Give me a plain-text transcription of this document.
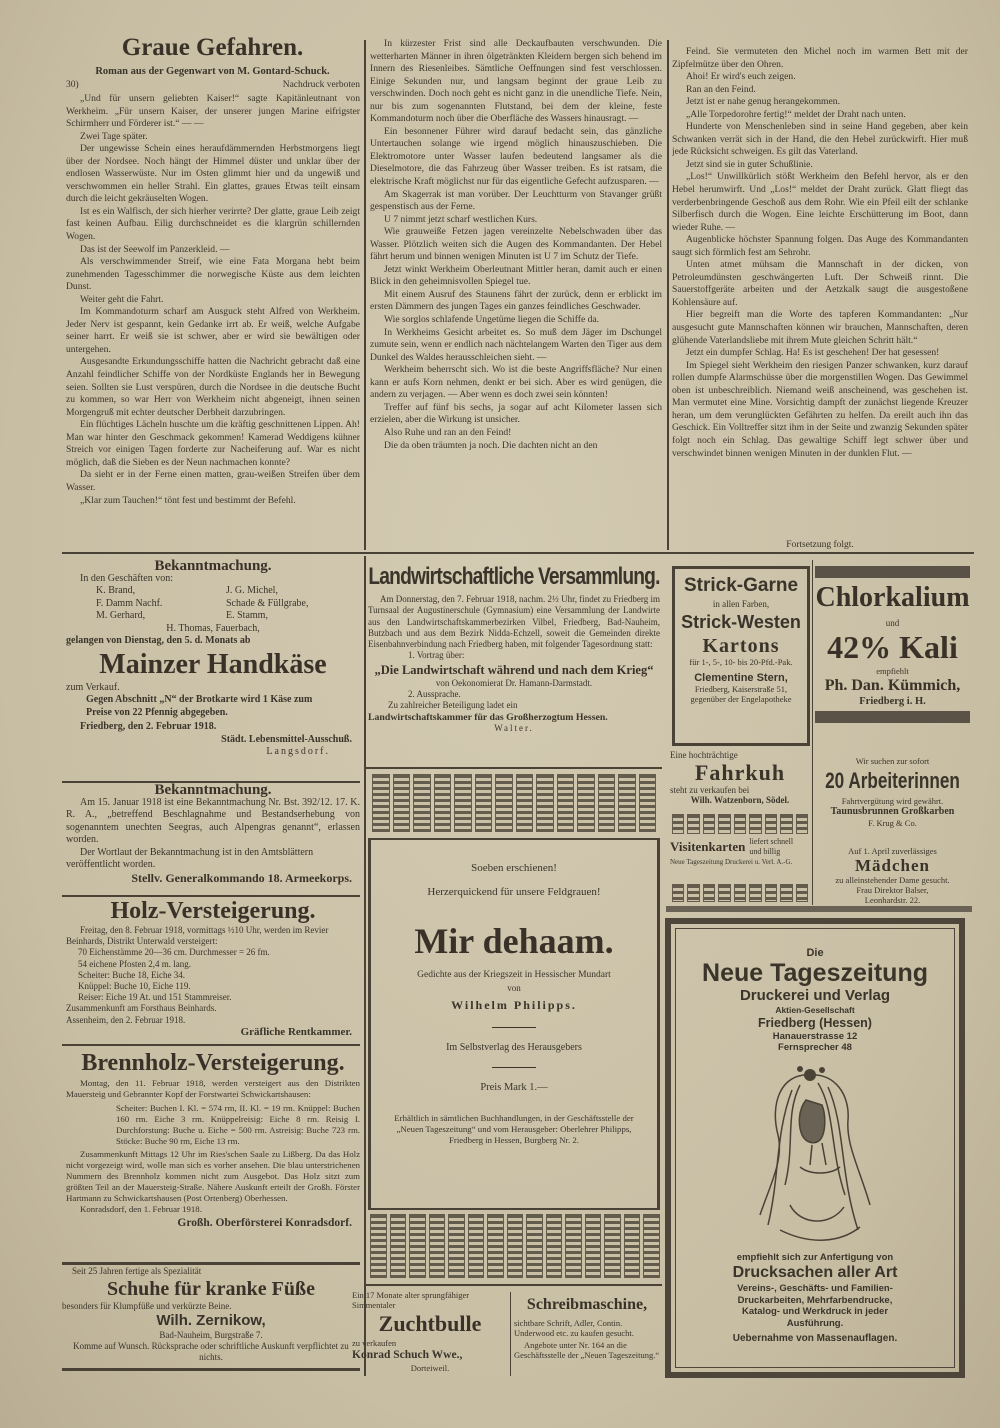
Graue Gefahren.
Roman aus der Gegenwart von M. Gontard-Schuck.
30)	Nachdruck verboten

„Und für unsern geliebten Kaiser!“ sagte Kapitänleutnant von Werkheim. „Für unsern Kaiser, der unserer jungen Marine eifrigster Schirmherr und Förderer ist.“ — —

Zwei Tage später.

Der ungewisse Schein eines heraufdämmernden Herbstmorgens liegt über der Nordsee. Noch hängt der Himmel düster und unklar über der endlosen Wasserwüste. Nur im Osten glimmt hier und da ungewiß und verschwommen ein heller Strahl. Ein glattes, graues Etwas teilt einsam durch die leicht gekräuselten Wogen.

Ist es ein Walfisch, der sich hierher verirrte? Der glatte, graue Leib zeigt fast keinen Aufbau. Eilig durchschneidet es die klargrün schillernden Wogen.

Das ist der Seewolf im Panzerkleid. —

Als verschwimmender Streif, wie eine Fata Morgana hebt beim zunehmenden Tagesschimmer die norwegische Küste aus dem leichten Dunst.

Weiter geht die Fahrt.

Im Kommandoturm scharf am Ausguck steht Alfred von Werkheim. Jeder Nerv ist gespannt, kein Gedanke irrt ab. Er weiß, welche Aufgabe seiner harrt. Er weiß sie ist schwer, aber er wird sie bewältigen oder untergehen.

Ausgesandte Erkundungsschiffe hatten die Nachricht gebracht daß eine Anzahl feindlicher Schiffe von der Nordküste Englands her in Bewegung seien. Sollten sie Lust verspüren, durch die Nordsee in die deutsche Bucht zu kommen, so war Herr von Werkheim nicht abgeneigt, ihnen seinen Morgengruß mit echter deutscher Derbheit darzubringen.

Ein flüchtiges Lächeln huschte um die kräftig geschnittenen Lippen. Ah! Man war hinter den Geschmack gekommen! Kamerad Weddigens kühner Streich vor einigen Tagen forderte zur Nacheiferung auf. War es nicht möglich, daß die Sieben es der Neun nachmachen konnte?

Da sieht er in der Ferne einen matten, grau-weißen Streifen über dem Wasser.

„Klar zum Tauchen!“ tönt fest und bestimmt der Befehl.

In kürzester Frist sind alle Deckaufbauten verschwunden. Die wetterharten Männer in ihren ölgetränkten Kleidern bergen sich behend im Innern des Riesenleibes. Sämtliche Oeffnungen sind fest verschlossen. Einige Sekunden nur, und langsam beginnt der graue Leib zu verschwinden. Doch noch geht es nicht ganz in die unendliche Tiefe. Nein, nur bis zum sogenannten Flutstand, bei dem der kleine, feste Kommandoturm noch über die Oberfläche des Wassers hinausragt. —

Ein besonnener Führer wird darauf bedacht sein, das gänzliche Untertauchen solange wie irgend möglich hinauszuschieben. Die Elektromotore unter Wasser laufen bedeutend langsamer als die Dieselmotore, die das Fahrzeug über Wasser treiben. Es ist ratsam, die elektrische Kraft möglichst nur für das eigentliche Gefecht aufzusparen. —

Am Skagerrak ist man vorüber. Der Leuchtturm von Stavanger grüßt gespenstisch aus der Ferne.

U 7 nimmt jetzt scharf westlichen Kurs.

Wie grauweiße Fetzen jagen vereinzelte Nebelschwaden über das Wasser. Plötzlich weiten sich die Augen des Kommandanten. Der Hebel fährt herum und binnen wenigen Minuten ist U 7 im Schutz der Tiefe.

Jetzt winkt Werkheim Oberleutnant Mittler heran, damit auch er einen Blick in den geheimnisvollen Spiegel tue.

Mit einem Ausruf des Staunens fährt der zurück, denn er erblickt im ersten Dämmern des jungen Tages ein ganzes feindliches Geschwader.

Wie sorglos schlafende Ungetüme liegen die Schiffe da.

In Werkheims Gesicht arbeitet es. So muß dem Jäger im Dschungel zumute sein, wenn er endlich nach nächtelangem Warten den Tiger aus dem Dunkel des Waldes herausschleichen sieht. —

Werkheim beherrscht sich. Wo ist die beste Angriffsfläche? Nur einen kann er aufs Korn nehmen, denkt er bei sich. Aber es wird genügen, die andern zu verjagen. — Aber wenn es doch zwei sein könnten!

Treffer auf fünf bis sechs, ja sogar auf acht Kilometer lassen sich erzielen, aber die Wirkung ist unsicher.

Also Ruhe und ran an den Feind!

Die da oben träumten ja noch. Die dachten nicht an den

Feind. Sie vermuteten den Michel noch im warmen Bett mit der Zipfelmütze über den Ohren.

Ahoi! Er wird's euch zeigen.

Ran an den Feind.

Jetzt ist er nahe genug herangekommen.

„Alle Torpedorohre fertig!“ meldet der Draht nach unten.

Hunderte von Menschenleben sind in seine Hand gegeben, aber kein Schwanken verrät sich in der Hand, die den Hebel zurückwirft. Hier muß jede Rücksicht schweigen. Es gilt das Vaterland.

Jetzt sind sie in guter Schußlinie.

„Los!“ Unwillkürlich stößt Werkheim den Befehl hervor, als er den Hebel herumwirft. Und „Los!“ meldet der Draht zurück. Glatt fliegt das verderbenbringende Geschoß aus dem Rohr. Wie ein Pfeil eilt der schlanke Silberfisch durch die Wogen. Eine leichte Erschütterung im Boot, dann wieder Ruhe. —

Augenblicke höchster Spannung folgen. Das Auge des Kommandanten saugt sich förmlich fest am Sehrohr.

Unten atmet mühsam die Mannschaft in der dicken, von Petroleumdünsten geschwängerten Luft. Der Schweiß rinnt. Die Sauerstoffgeräte arbeiten und der Aetzkalk saugt die ausgestoßene Kohlensäure auf.

Hier begreift man die Worte des tapferen Kommandanten: „Nur ausgesucht gute Mannschaften können wir brauchen, Mannschaften, deren glühende Vaterlandsliebe mit ihrem Mute gleichen Schritt hält.“

Jetzt ein dumpfer Schlag. Ha! Es ist geschehen! Der hat gesessen!

Im Spiegel sieht Werkheim den riesigen Panzer schwanken, kurz darauf rollen dumpfe Alarmschüsse über die morgenstillen Wogen. Das Gewimmel oben ist unbeschreiblich. Niemand weiß anscheinend, was geschehen ist. Man vermutet eine Mine. Vorsichtig dampft der zunächst liegende Kreuzer heran, um dem verunglückten Gefährten zu helfen. Da ereilt auch ihn das Geschick. Ein Volltreffer sitzt ihm in der Seite und zwanzig Sekunden später folgt noch ein Schlag. Das gewaltige Schiff legt schwer über und verschwindet binnen wenigen Minuten in der dunklen Flut. —

Fortsetzung folgt.
Bekanntmachung.
In den Geschäften von:
K. Brand,
F. Damm Nachf.
M. Gerhard,
J. G. Michel,
Schade & Füllgrabe,
E. Stamm,
H. Thomas, Fauerbach,
gelangen von Dienstag, den 5. d. Monats ab
Mainzer Handkäse
zum Verkauf.
Gegen Abschnitt „N“ der Brotkarte wird 1 Käse zum Preise von 22 Pfennig abgegeben.
Friedberg, den 2. Februar 1918.
Städt. Lebensmittel-Ausschuß.
Langsdorf.
Bekanntmachung.
Am 15. Januar 1918 ist eine Bekanntmachung Nr. Bst. 392/12. 17. K. R. A., „betreffend Beschlagnahme und Bestandserhebung von sogenanntem unechten Seegras, auch Alpengras genannt“, erlassen worden.
Der Wortlaut der Bekanntmachung ist in den Amtsblättern veröffentlicht worden.
Stellv. Generalkommando 18. Armeekorps.
Holz-Versteigerung.
Freitag, den 8. Februar 1918, vormittags ½10 Uhr, werden im Revier Beinhards, Distrikt Unterwald versteigert:
70 Eichenstämme 20—36 cm. Durchmesser = 26 fm.
54 eichene Pfosten 2,4 m. lang.
Scheiter: Buche 18, Eiche 34.
Knüppel: Buche 10, Eiche 119.
Reiser: Eiche 19 At. und 151 Stammreiser.
Zusammenkunft am Forsthaus Beinhards.
Assenheim, den 2. Februar 1918.
Gräfliche Rentkammer.
Brennholz-Versteigerung.
Montag, den 11. Februar 1918, werden versteigert aus den Distrikten Mauersteig und Gebrannter Kopf der Forstwartei Schwickartshausen:
Scheiter: Buchen I. Kl. = 574 rm, II. Kl. = 19 rm. Knüppel: Buchen 160 rm. Eiche 3 rm. Knüppelreisig: Eiche 8 rm. Reisig I. Durchforstung: Buche u. Eiche = 500 rm. Astreisig: Buche 723 rm. Stöcke: Buche 90 rm, Eiche 13 rm.
Zusammenkunft Mittags 12 Uhr im Ries'schen Saale zu Lißberg. Da das Holz nicht vorgezeigt wird, wolle man sich es vorher ansehen. Die blau unterstrichenen Nummern des Brennholz kommen nicht zum Ausgebot. Das Holz sitzt zum größten Teil an der Mauersteig-Straße. Nähere Auskunft erteilt der Großh. Förster Hartmann zu Schwickartshausen (Post Ortenberg) Oberhessen.
Konradsdorf, den 1. Februar 1918.
Großh. Oberförsterei Konradsdorf.
Seit 25 Jahren fertige als Spezialität
Schuhe für kranke Füße
besonders für Klumpfüße und verkürzte Beine.
Wilh. Zernikow,
Bad-Nauheim, Burgstraße 7.
Komme auf Wunsch. Rücksprache oder schriftliche Auskunft verpflichtet zu nichts.
Landwirtschaftliche Versammlung.
Am Donnerstag, den 7. Februar 1918, nachm. 2½ Uhr, findet zu Friedberg im Turnsaal der Augustinerschule (Gymnasium) eine Versammlung der Landwirte aus den Landwirtschaftskammerbezirken Vilbel, Friedberg, Bad-Nauheim, Butzbach und aus dem Bezirk Nidda-Echzell, soweit die Gemeinden direkte Eisenbahnverbindung nach Friedberg haben, mit folgender Tagesordnung statt:
1. Vortrag über:
„Die Landwirtschaft während und nach dem Krieg“
von Oekonomierat Dr. Hamann-Darmstadt.
2. Aussprache.
Zu zahlreicher Beteiligung ladet ein
Landwirtschaftskammer für das Großherzogtum Hessen.
Walter.
Soeben erschienen!
Herzerquickend für unsere Feldgrauen!
Mir dehaam.
Gedichte aus der Kriegszeit in Hessischer Mundart
von
Wilhelm Philipps.
Im Selbstverlag des Herausgebers
Preis Mark 1.—
Erhältlich in sämtlichen Buchhandlungen, in der Geschäftsstelle der „Neuen Tageszeitung“ und vom Herausgeber: Oberlehrer Philipps, Friedberg in Hessen, Burgberg Nr. 2.
Ein 17 Monate alter sprungfähiger Simmentaler
Zuchtbulle
zu verkaufen
Konrad Schuch Wwe.,
Dorteiweil.
Schreibmaschine,
sichtbare Schrift, Adler, Contin. Underwood etc. zu kaufen gesucht.
Angebote unter Nr. 164 an die Geschäftsstelle der „Neuen Tageszeitung.“
Strick-Garne
in allen Farben,
Strick-Westen
Kartons
für 1-, 5-, 10- bis 20-Pfd.-Pak.
Clementine Stern,
Friedberg, Kaiserstraße 51,
gegenüber der Engelapotheke
Chlorkalium
und
42% Kali
empfiehlt
Ph. Dan. Kümmich,
Friedberg i. H.
Eine hochträchtige
Fahrkuh
steht zu verkaufen bei
Wilh. Watzenborn, Södel.
Visitenkarten liefert schnell und billig
Neue Tageszeitung Druckerei u. Verl. A.-G.
Wir suchen zur sofort
20 Arbeiterinnen
Fahrtvergütung wird gewährt.
Taunusbrunnen Großkarben
F. Krug & Co.
Auf 1. April zuverlässiges
Mädchen
zu alleinstehender Dame gesucht.
Frau Direktor Balser,
Leonhardstr. 22.
Die
Neue Tageszeitung
Druckerei und Verlag
Aktien-Gesellschaft
Friedberg (Hessen)
Hanauerstrasse 12
Fernsprecher 48
empfiehlt sich zur Anfertigung von
Drucksachen aller Art
Vereins-, Geschäfts- und Familien-Druckarbeiten, Mehrfarbendrucke, Katalog- und Werkdruck in jeder Ausführung.
Uebernahme von Massenauflagen.
